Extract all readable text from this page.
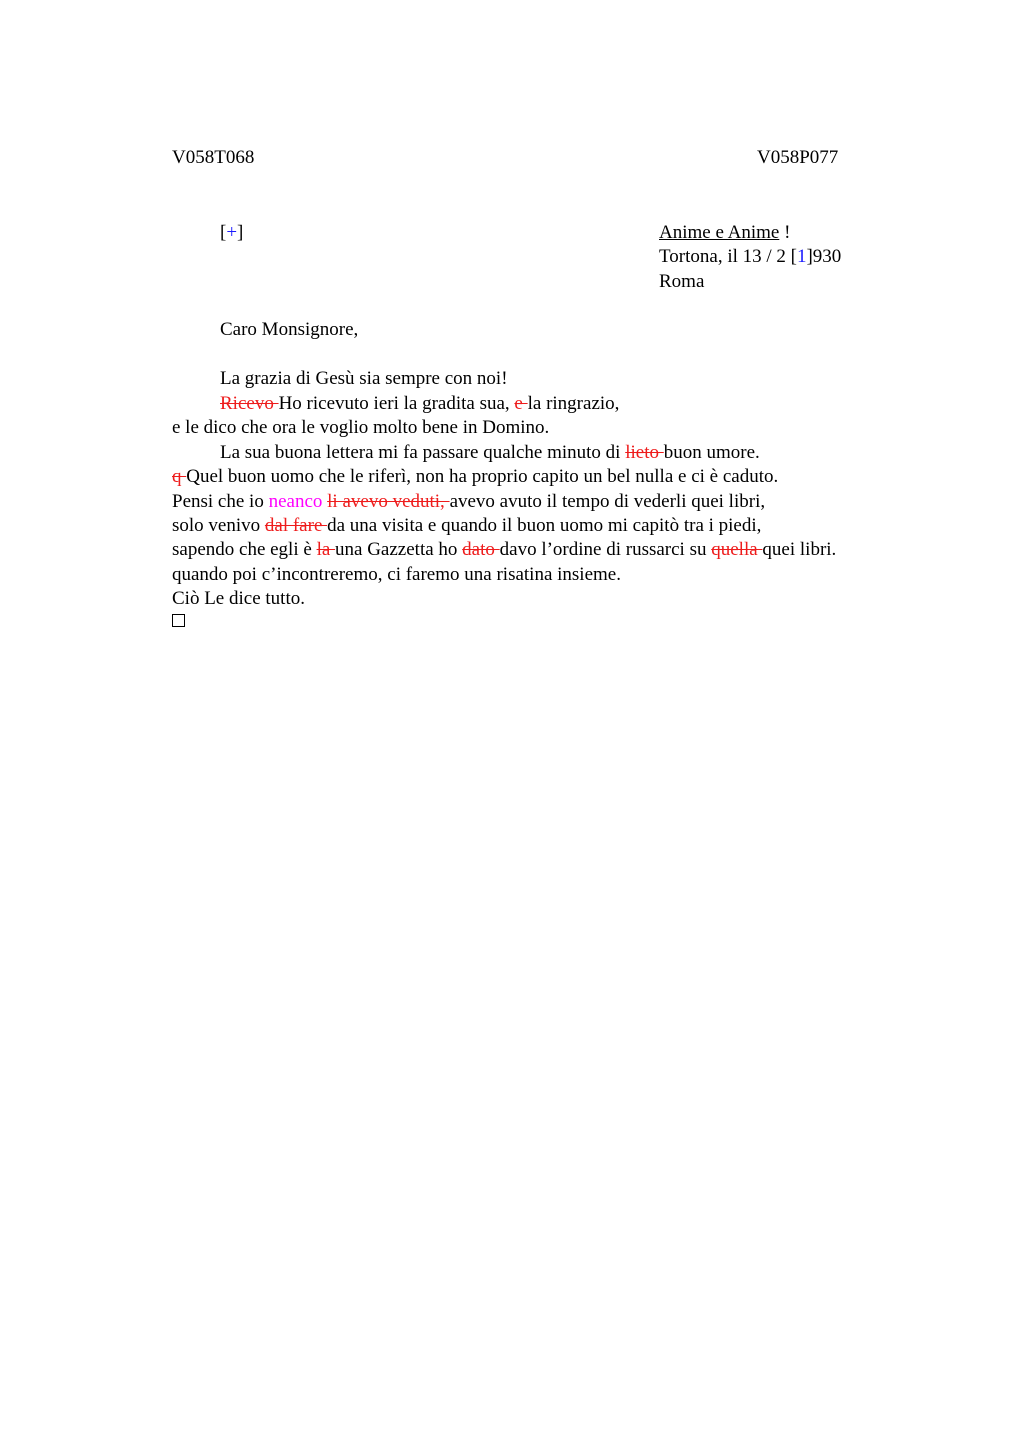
V058T068	V058P077
[+]	Anime e Anime !
Tortona, il 13 / 2 [1]930
Roma
Caro Monsignore,
La grazia di Gesù sia sempre con noi!
Ricevo Ho ricevuto ieri la gradita sua, e la ringrazio,
e le dico che ora le voglio molto bene in Domino.
La sua buona lettera mi fa passare qualche minuto di lieto buon umore.
q Quel buon uomo che le riferì, non ha proprio capito un bel nulla e ci è caduto.
Pensi che io neanco li avevo veduti, avevo avuto il tempo di vederli quei libri,
solo venivo dal fare da una visita e quando il buon uomo mi capitò tra i piedi,
sapendo che egli è la una Gazzetta ho dato davo l’ordine di russarci su quella quei libri.
quando poi c’incontreremo, ci faremo una risatina insieme.
Ciò Le dice tutto.
